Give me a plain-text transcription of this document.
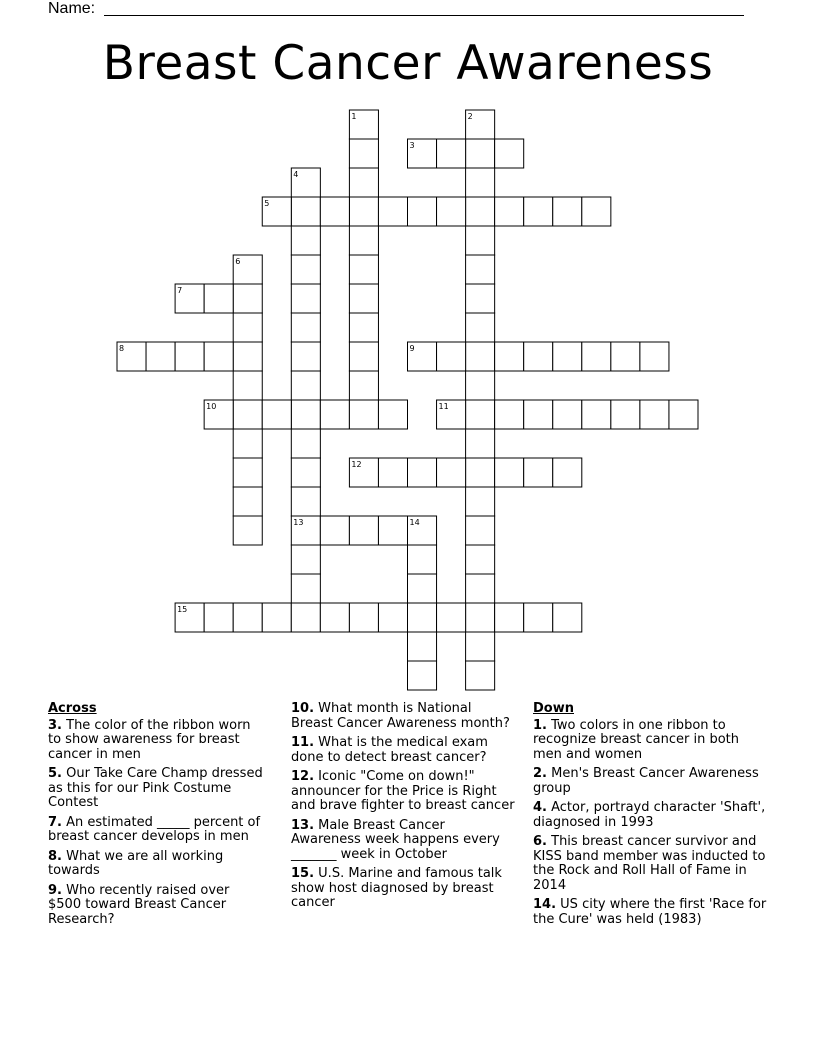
Name:
Breast Cancer Awareness
1	2
3
4
5
6
7
8	9
10	11
12
13	14
15
Across
3. The color of the ribbon worn to show awareness for breast cancer in men
5. Our Take Care Champ dressed as this for our Pink Costume Contest
7. An estimated _____ percent of breast cancer develops in men
8. What we are all working towards
9. Who recently raised over $500 toward Breast Cancer Research?
10. What month is National Breast Cancer Awareness month?
11. What is the medical exam done to detect breast cancer?
12. Iconic "Come on down!" announcer for the Price is Right and brave fighter to breast cancer
13. Male Breast Cancer Awareness week happens every _______ week in October
15. U.S. Marine and famous talk show host diagnosed by breast cancer
Down
1. Two colors in one ribbon to recognize breast cancer in both men and women
2. Men's Breast Cancer Awareness group
4. Actor, portrayd character 'Shaft', diagnosed in 1993
6. This breast cancer survivor and KISS band member was inducted to the Rock and Roll Hall of Fame in 2014
14. US city where the first 'Race for the Cure' was held (1983)
